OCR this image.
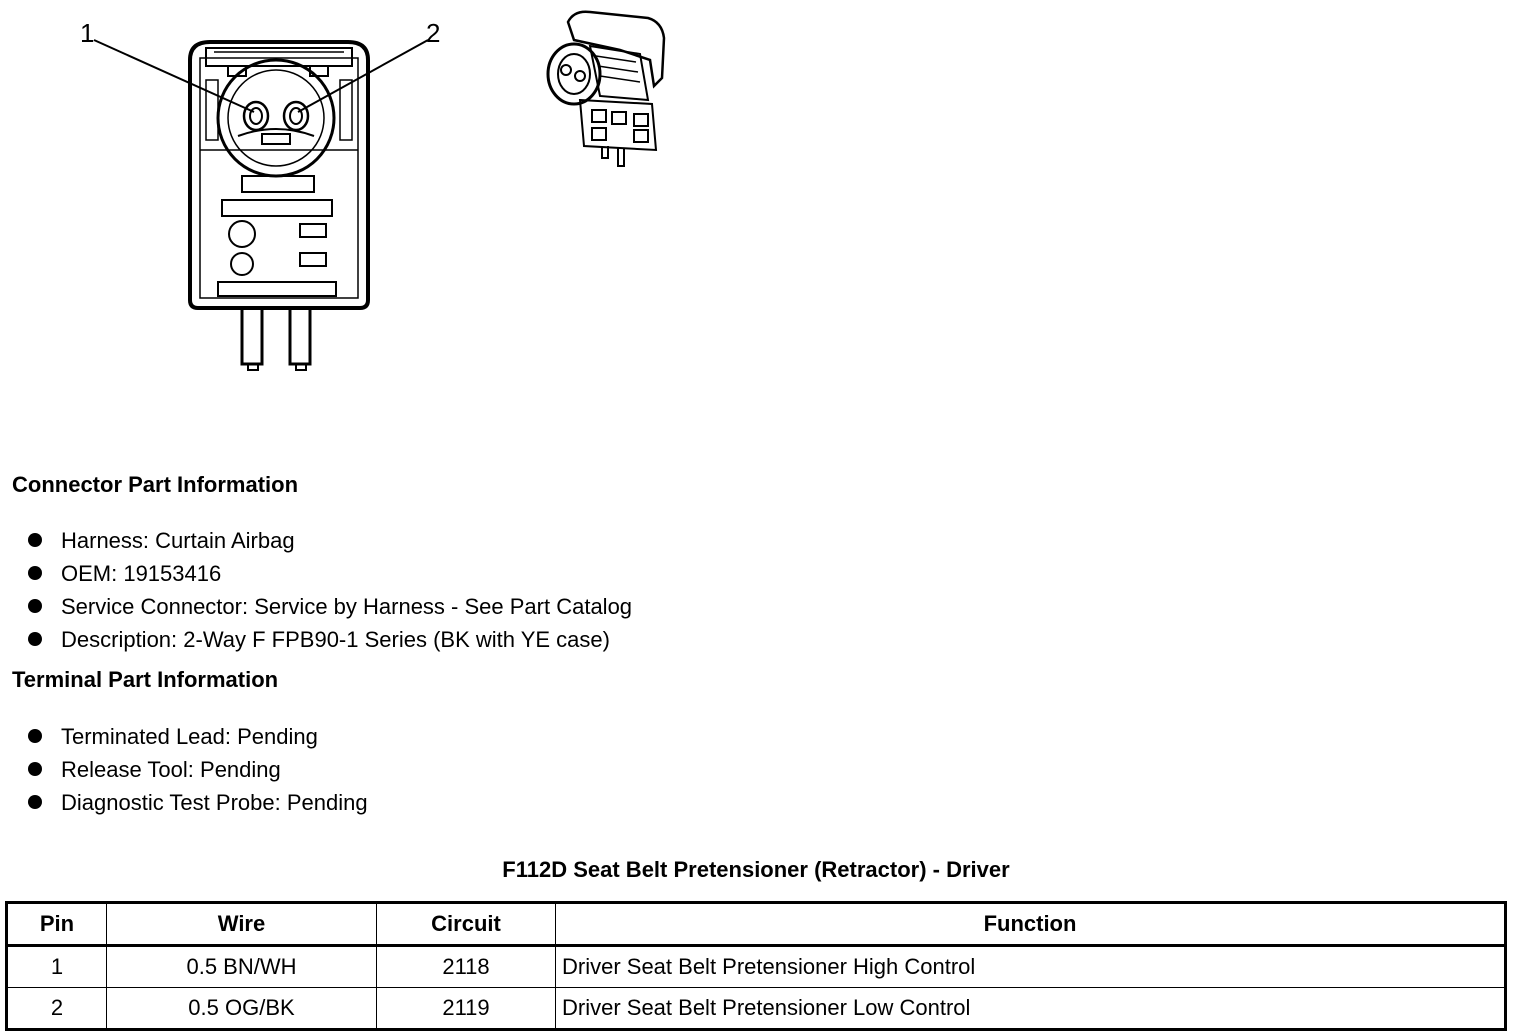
1	2
Connector Part Information
Harness: Curtain Airbag
OEM: 19153416
Service Connector: Service by Harness - See Part Catalog
Description: 2-Way F FPB90-1 Series (BK with YE case)
Terminal Part Information
Terminated Lead: Pending
Release Tool: Pending
Diagnostic Test Probe: Pending
F112D Seat Belt Pretensioner (Retractor) - Driver
Pin	Wire	Circuit	Function
1	0.5 BN/WH	2118	Driver Seat Belt Pretensioner High Control
2	0.5 OG/BK	2119	Driver Seat Belt Pretensioner Low Control
